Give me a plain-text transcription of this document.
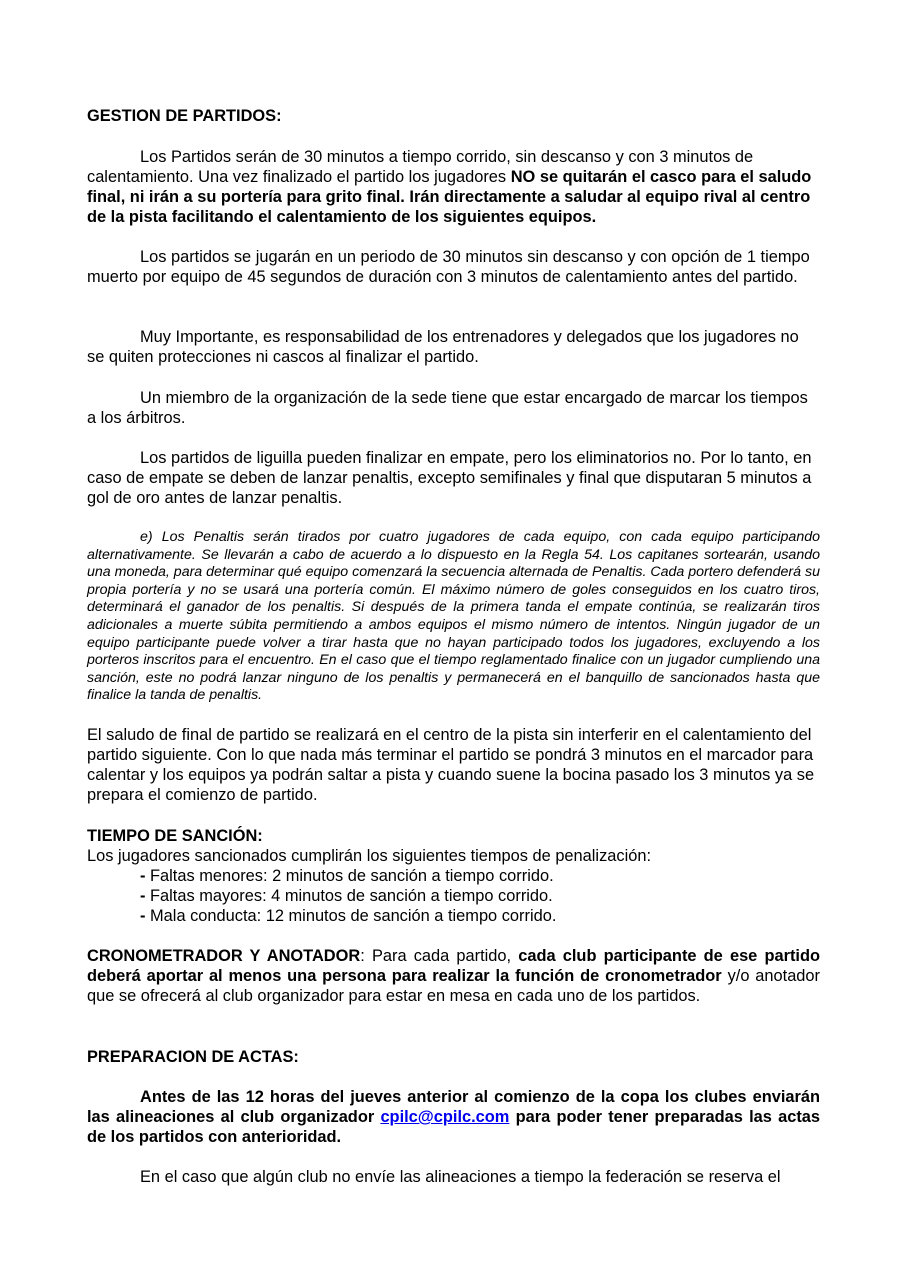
GESTION DE PARTIDOS:
Los Partidos serán de 30 minutos a tiempo corrido, sin descanso y con 3 minutos de calentamiento. Una vez finalizado el partido los jugadores NO se quitarán el casco para el saludo final, ni irán a su portería para grito final. Irán directamente a saludar al equipo rival al centro de la pista facilitando el calentamiento de los siguientes equipos.
Los partidos se jugarán en un periodo de 30 minutos sin descanso y con opción de 1 tiempo muerto por equipo de 45 segundos de duración con 3 minutos de calentamiento antes del partido.
Muy Importante, es responsabilidad de los entrenadores y delegados que los jugadores no se quiten protecciones ni cascos al finalizar el partido.
Un miembro de la organización de la sede tiene que estar encargado de marcar los tiempos a los árbitros.
Los partidos de liguilla pueden finalizar en empate, pero los eliminatorios no. Por lo tanto, en caso de empate se deben de lanzar penaltis, excepto semifinales y final que disputaran 5 minutos a gol de oro antes de lanzar penaltis.
e) Los Penaltis serán tirados por cuatro jugadores de cada equipo, con cada equipo participando alternativamente. Se llevarán a cabo de acuerdo a lo dispuesto en la Regla 54. Los capitanes sortearán, usando una moneda, para determinar qué equipo comenzará la secuencia alternada de Penaltis. Cada portero defenderá su propia portería y no se usará una portería común. El máximo número de goles conseguidos en los cuatro tiros, determinará el ganador de los penaltis. Si después de la primera tanda el empate continúa, se realizarán tiros adicionales a muerte súbita permitiendo a ambos equipos el mismo número de intentos. Ningún jugador de un equipo participante puede volver a tirar hasta que no hayan participado todos los jugadores, excluyendo a los porteros inscritos para el encuentro. En el caso que el tiempo reglamentado finalice con un jugador cumpliendo una sanción, este no podrá lanzar ninguno de los penaltis y permanecerá en el banquillo de sancionados hasta que finalice la tanda de penaltis.
El saludo de final de partido se realizará en el centro de la pista sin interferir en el calentamiento del partido siguiente. Con lo que nada más terminar el partido se pondrá 3 minutos en el marcador para calentar y los equipos ya podrán saltar a pista y cuando suene la bocina pasado los 3 minutos ya se prepara el comienzo de partido.
TIEMPO DE SANCIÓN:
Los jugadores sancionados cumplirán los siguientes tiempos de penalización:
- Faltas menores: 2 minutos de sanción a tiempo corrido.
- Faltas mayores: 4 minutos de sanción a tiempo corrido.
- Mala conducta: 12 minutos de sanción a tiempo corrido.
CRONOMETRADOR Y ANOTADOR: Para cada partido, cada club participante de ese partido deberá aportar al menos una persona para realizar la función de cronometrador y/o anotador que se ofrecerá al club organizador para estar en mesa en cada uno de los partidos.
PREPARACION DE ACTAS:
Antes de las 12 horas del jueves anterior al comienzo de la copa los clubes enviarán las alineaciones al club organizador cpilc@cpilc.com para poder tener preparadas las actas de los partidos con anterioridad.
En el caso que algún club no envíe las alineaciones a tiempo la federación se reserva el
